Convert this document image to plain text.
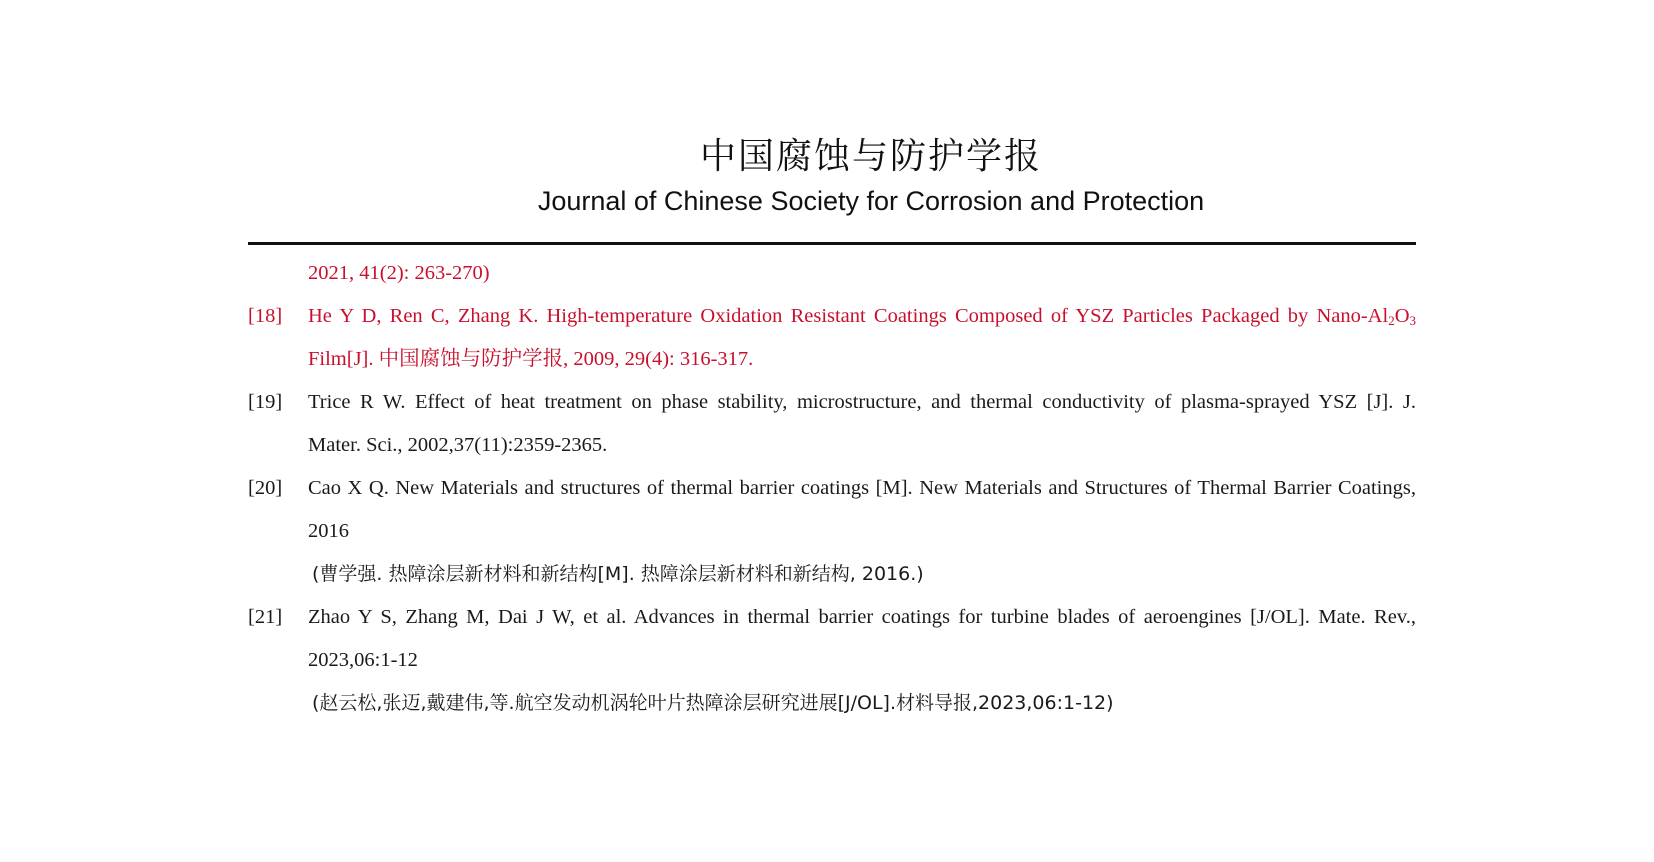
中国腐蚀与防护学报
Journal of Chinese Society for Corrosion and Protection
2021, 41(2): 263-270)
[18]	He Y D, Ren C, Zhang K. High-temperature Oxidation Resistant Coatings Composed of YSZ Particles Packaged by Nano-$Al_2O_3$
Film[J]. 中国腐蚀与防护学报, 2009, 29(4): 316-317.
[19]	Trice R W. Effect of heat treatment on phase stability, microstructure, and thermal conductivity of plasma-sprayed YSZ [J]. J.
Mater. Sci., 2002,37(11):2359-2365.
[20]	Cao X Q. New Materials and structures of thermal barrier coatings [M]. New Materials and Structures of Thermal Barrier Coatings,
2016
(曹学强. 热障涂层新材料和新结构[M]. 热障涂层新材料和新结构, 2016.)
[21]	Zhao Y S, Zhang M, Dai J W, et al. Advances in thermal barrier coatings for turbine blades of aeroengines [J/OL]. Mate. Rev.,
2023,06:1-12
(赵云松,张迈,戴建伟,等.航空发动机涡轮叶片热障涂层研究进展[J/OL].材料导报,2023,06:1-12)
